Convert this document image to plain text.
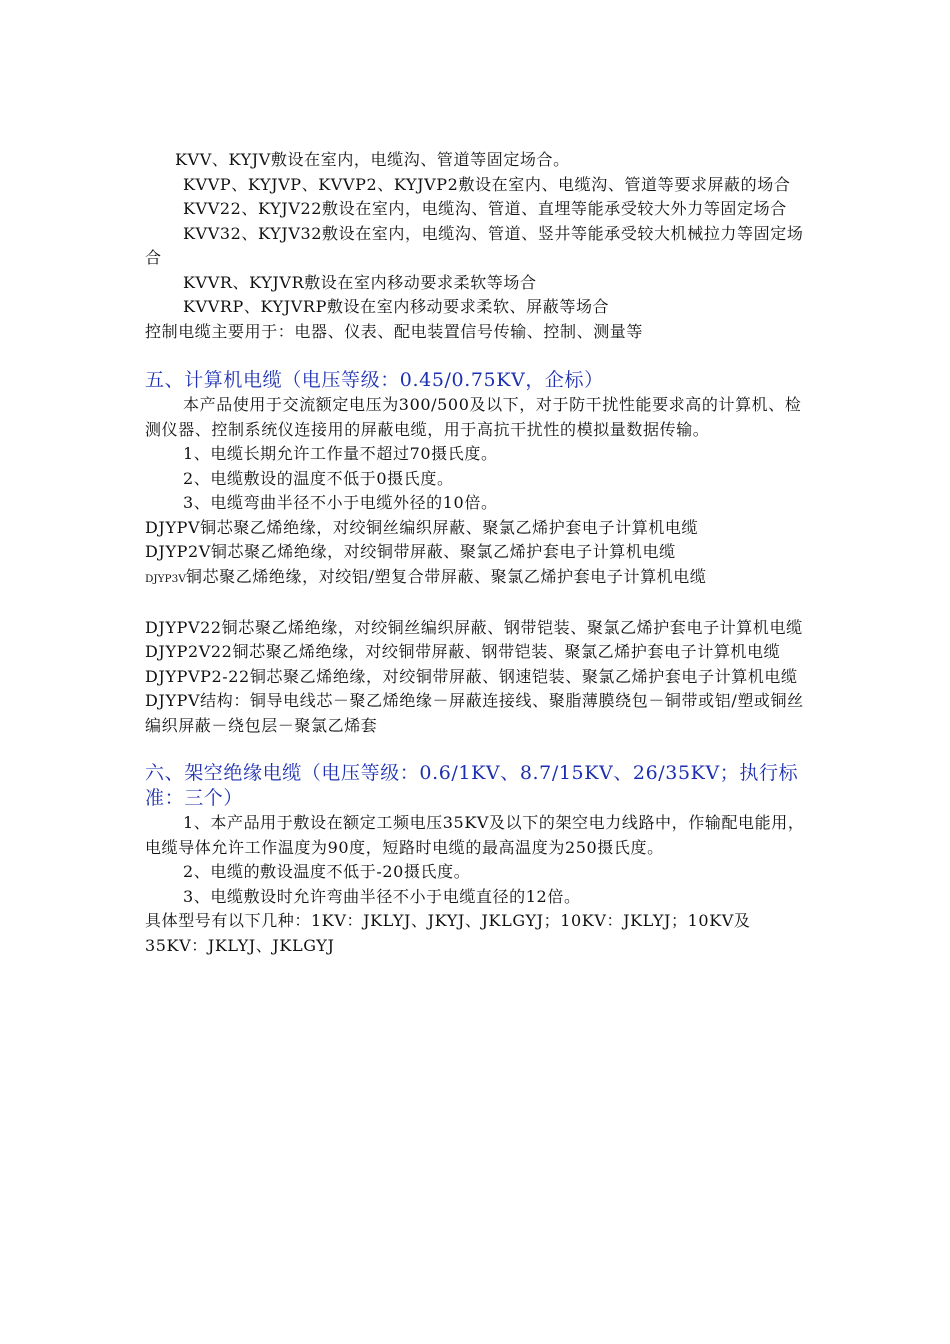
KVV、KYJV敷设在室内，电缆沟、管道等固定场合。
KVVP、KYJVP、KVVP2、KYJVP2敷设在室内、电缆沟、管道等要求屏蔽的场合
KVV22、KYJV22敷设在室内，电缆沟、管道、直埋等能承受较大外力等固定场合
KVV32、KYJV32敷设在室内，电缆沟、管道、竖井等能承受较大机械拉力等固定场合
KVVR、KYJVR敷设在室内移动要求柔软等场合
KVVRP、KYJVRP敷设在室内移动要求柔软、屏蔽等场合
控制电缆主要用于：电器、仪表、配电装置信号传输、控制、测量等
五、计算机电缆（电压等级：0.45/0.75KV，企标）
本产品使用于交流额定电压为300/500及以下，对于防干扰性能要求高的计算机、检测仪器、控制系统仪连接用的屏蔽电缆，用于高抗干扰性的模拟量数据传输。
1、电缆长期允许工作量不超过70摄氏度。
2、电缆敷设的温度不低于0摄氏度。
3、电缆弯曲半径不小于电缆外径的10倍。
DJYPV铜芯聚乙烯绝缘，对绞铜丝编织屏蔽、聚氯乙烯护套电子计算机电缆
DJYP2V铜芯聚乙烯绝缘，对绞铜带屏蔽、聚氯乙烯护套电子计算机电缆
DJYP3V铜芯聚乙烯绝缘，对绞铝/塑复合带屏蔽、聚氯乙烯护套电子计算机电缆
DJYPV22铜芯聚乙烯绝缘，对绞铜丝编织屏蔽、钢带铠装、聚氯乙烯护套电子计算机电缆
DJYP2V22铜芯聚乙烯绝缘，对绞铜带屏蔽、钢带铠装、聚氯乙烯护套电子计算机电缆
DJYPVP2-22铜芯聚乙烯绝缘，对绞铜带屏蔽、钢速铠装、聚氯乙烯护套电子计算机电缆
DJYPV结构：铜导电线芯－聚乙烯绝缘－屏蔽连接线、聚脂薄膜绕包－铜带或铝/塑或铜丝编织屏蔽－绕包层－聚氯乙烯套
六、架空绝缘电缆（电压等级：0.6/1KV、8.7/15KV、26/35KV；执行标准：三个）
1、本产品用于敷设在额定工频电压35KV及以下的架空电力线路中，作输配电能用，电缆导体允许工作温度为90度，短路时电缆的最高温度为250摄氏度。
2、电缆的敷设温度不低于-20摄氏度。
3、电缆敷设时允许弯曲半径不小于电缆直径的12倍。
具体型号有以下几种：1KV：JKLYJ、JKYJ、JKLGYJ；10KV：JKLYJ；10KV及35KV：JKLYJ、JKLGYJ
